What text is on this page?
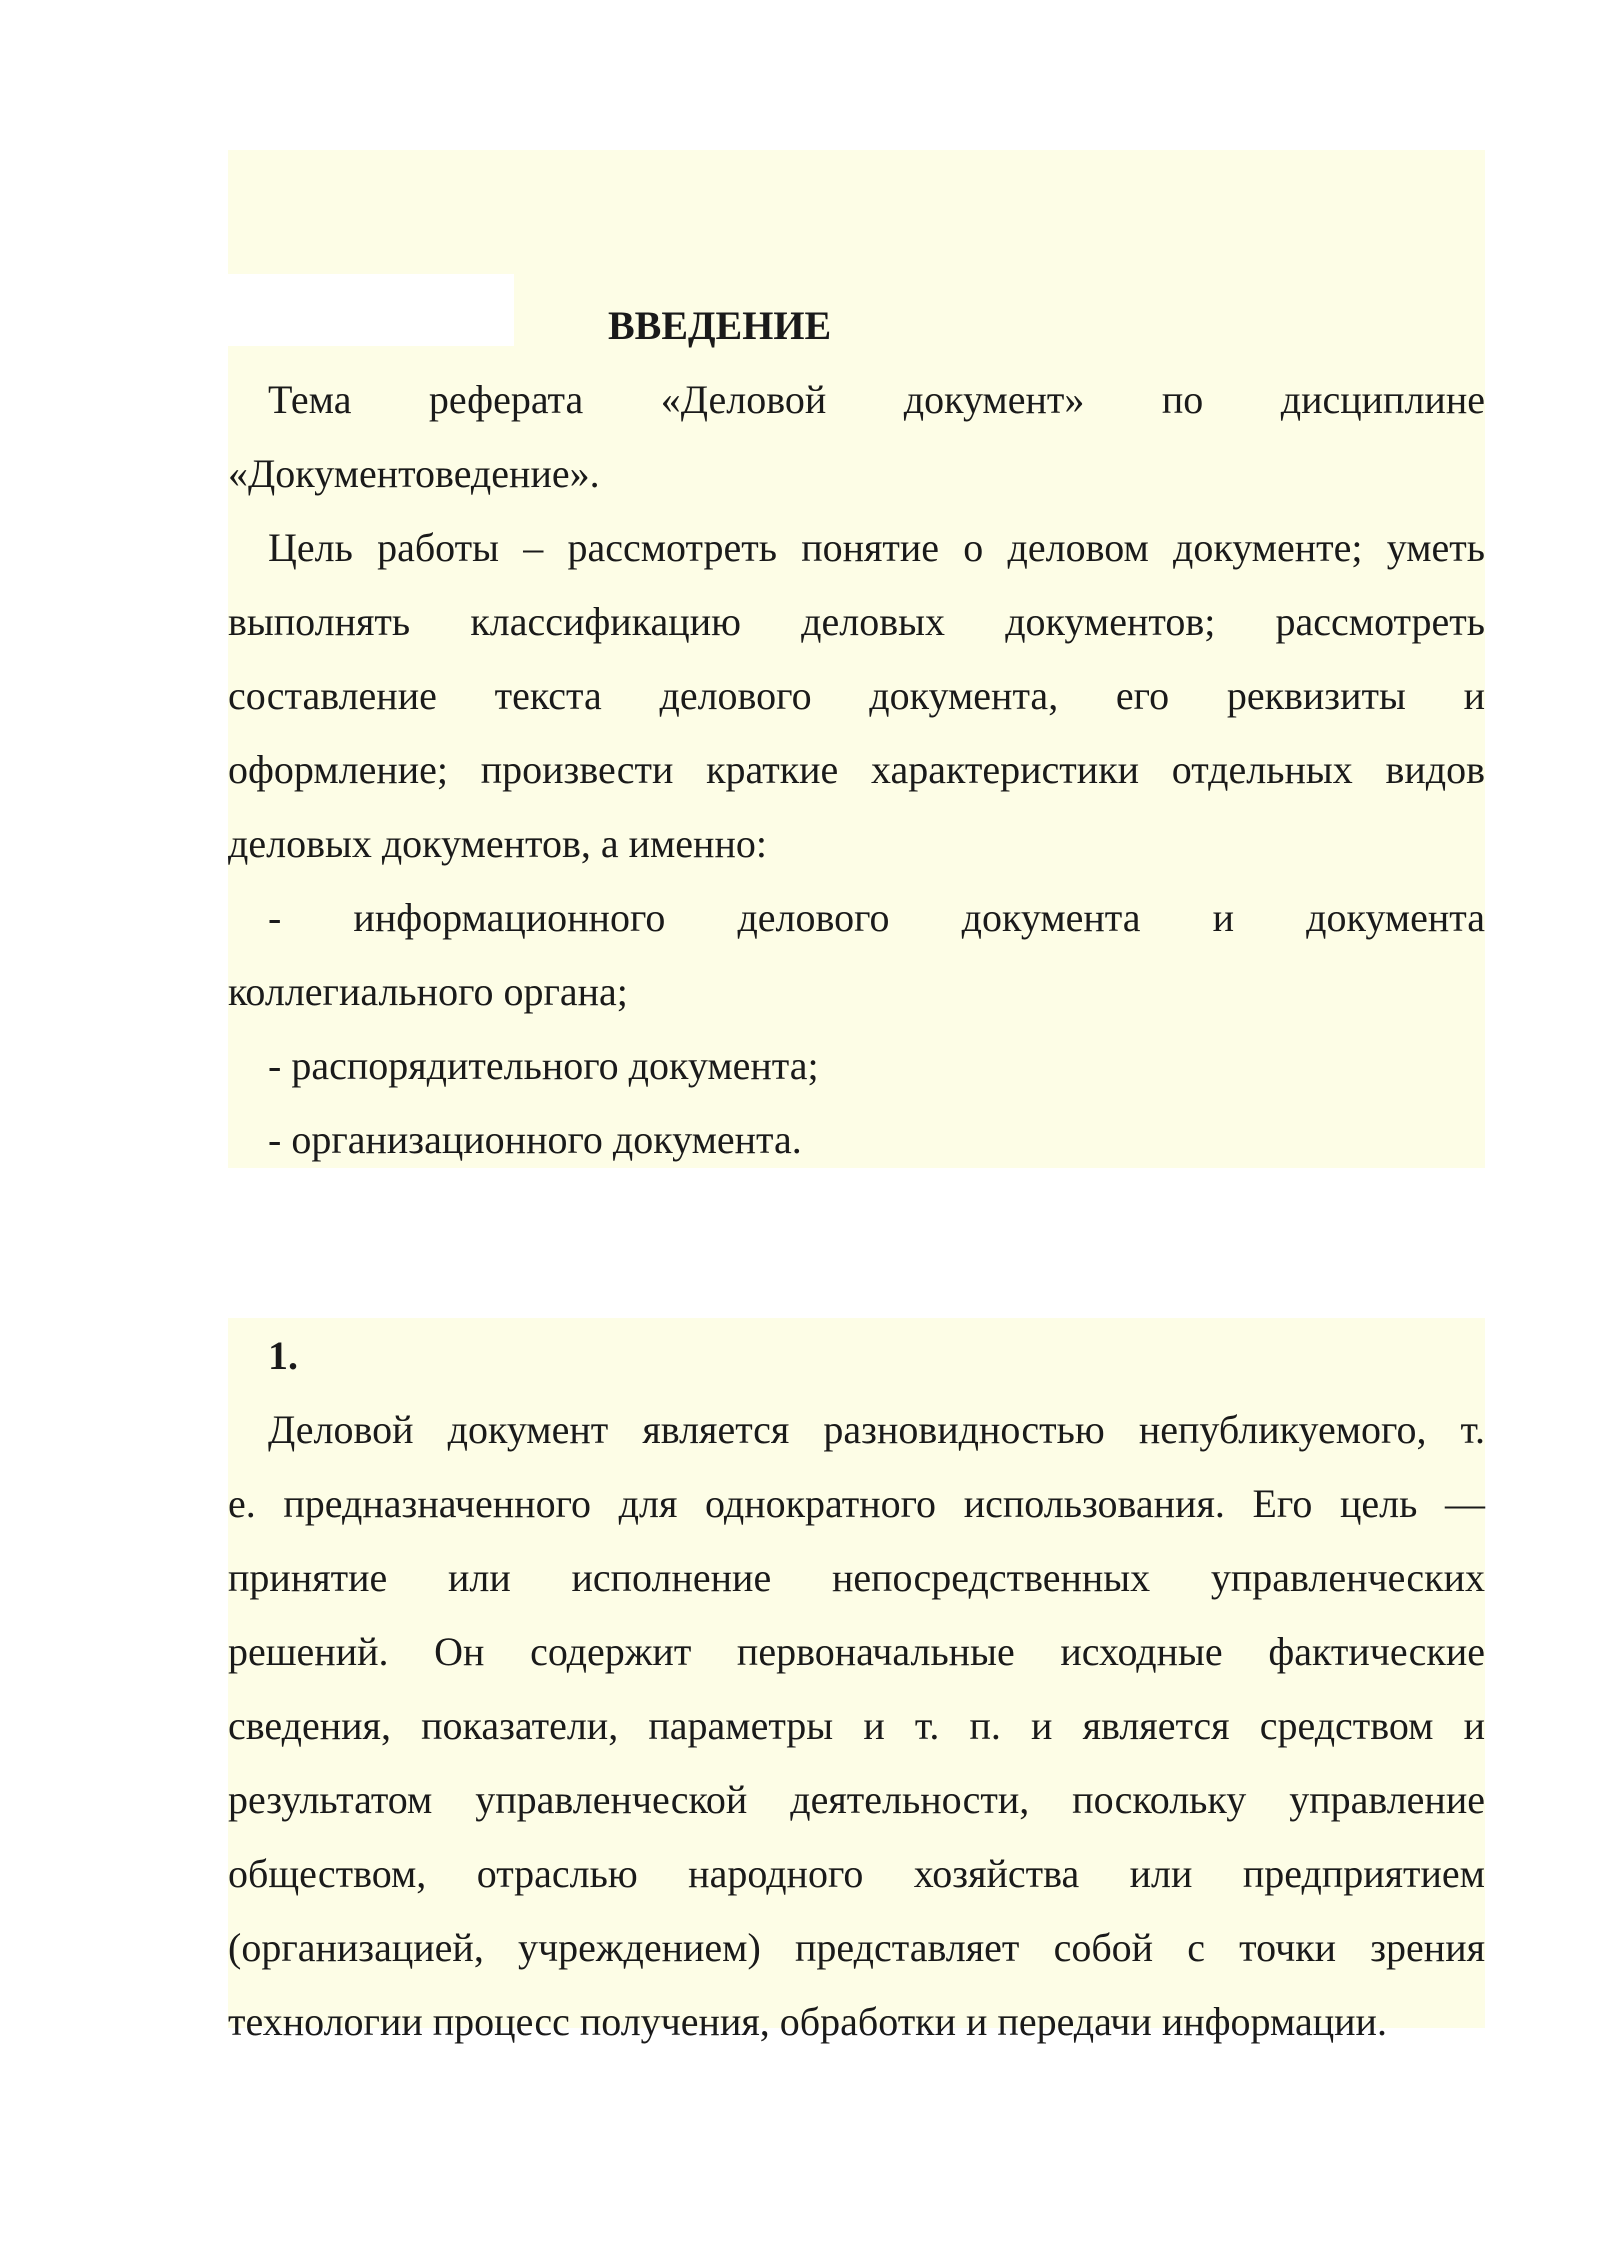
ВВЕДЕНИЕ
Тема реферата «Деловой документ» по дисциплине
«Документоведение».
Цель работы – рассмотреть понятие о деловом документе; уметь
выполнять классификацию деловых документов; рассмотреть
составление текста делового документа, его реквизиты и
оформление; произвести краткие характеристики отдельных видов
деловых документов, а именно:
- информационного делового документа и документа
коллегиального органа;
- распорядительного документа;
- организационного документа.
1.
Деловой документ является разновидностью непубликуемого, т.
е. предназначенного для однократного использования. Его цель —
принятие или исполнение непосредственных управленческих
решений. Он содержит первоначальные исходные фактические
сведения, показатели, параметры и т. п. и является средством и
результатом управленческой деятельности, поскольку управление
обществом, отраслью народного хозяйства или предприятием
(организацией, учреждением) представляет собой с точки зрения
технологии процесс получения, обработки и передачи информации.
